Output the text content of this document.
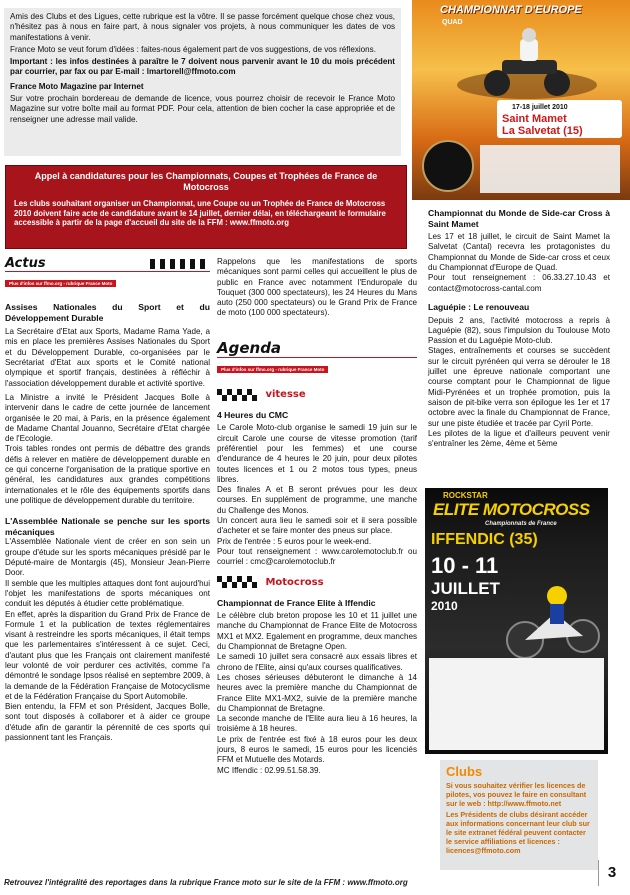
Amis des Clubs et des Ligues, cette rubrique est la vôtre. Il se passe forcément quelque chose chez vous, n'hésitez pas à nous en faire part, à nous signaler vos projets, à nous communiquer les dates de vos manifestations à venir.

France Moto se veut forum d'idées : faites-nous également part de vos suggestions, de vos réflexions.

Important : les infos destinées à paraître le 7 doivent nous parvenir avant le 10 du mois précédent par courrier, par fax ou par E-mail : lmartorell@ffmoto.com

France Moto Magazine par Internet

Sur votre prochain bordereau de demande de licence, vous pourrez choisir de recevoir le France Moto Magazine sur votre boîte mail au format PDF. Pour cela, attention de bien cocher la case appropriée et de renseigner une adresse mail valide.

Appel à candidatures pour les Championnats, Coupes et Trophées de France de Motocross
Les clubs souhaitant organiser un Championnat, une Coupe ou un Trophée de France de Motocross 2010 doivent faire acte de candidature avant le 14 juillet, dernier délai, en téléchargeant le formulaire accessible à partir de la page d'accueil du site de la FFM : www.ffmoto.org
Actus
Plus d'infos sur ffmo.org - rubrique France Moto

Assises Nationales du Sport et du Développement Durable

La Secrétaire d'Etat aux Sports, Madame Rama Yade, a mis en place les premières Assises Nationales du Sport et du Développement Durable, co-organisées par le Secrétariat d'Etat aux sports et le Comité national olympique et sportif français, destinées à réfléchir à l'association développement durable et activité sportive.

La Ministre a invité le Président Jacques Bolle à intervenir dans le cadre de cette journée de lancement organisée le 20 mai, à Paris, en la présence également de Madame Chantal Jouanno, Secrétaire d'Etat chargée de l'Ecologie.

Trois tables rondes ont permis de débattre des grands défis à relever en matière de développement durable en ce qui concerne l'organisation de la pratique sportive en général, les candidatures aux grandes compétitions internationales et le rôle des équipements sportifs dans une politique de développement durable du territoire.

L'Assemblée Nationale se penche sur les sports mécaniques

L'Assemblée Nationale vient de créer en son sein un groupe d'étude sur les sports mécaniques présidé par le Député-maire de Montargis (45), Monsieur Jean-Pierre Door.

Il semble que les multiples attaques dont font aujourd'hui l'objet les manifestations de sports mécaniques ont conduit les députés à étudier cette problématique.

En effet, après la disparition du Grand Prix de France de Formule 1 et la publication de textes réglementaires visant à restreindre les sports mécaniques, il était temps que les parlementaires s'intéressent à ce sujet. Ceci, d'autant plus que les Français ont clairement manifesté leur volonté de voir perdurer ces activités, comme l'a démontré le sondage Ipsos réalisé en septembre 2009, à la demande de la Fédération Française de Motocyclisme et de la Fédération Française du Sport Automobile.

Bien entendu, la FFM et son Président, Jacques Bolle, sont tout disposés à collaborer et à aider ce groupe d'étude afin de garantir la pérennité de ces sports qui passionnent tant les Français.

Rappelons que les manifestations de sports mécaniques sont parmi celles qui accueillent le plus de public en France avec notamment l'Enduropale du Touquet (300 000 spectateurs), les 24 Heures du Mans auto (250 000 spectateurs) ou le Grand Prix de France de moto (100 000 spectateurs).

Agenda
Plus d'infos sur ffmo.org - rubrique France Moto
vitesse

4 Heures du CMC

Le Carole Moto-club organise le samedi 19 juin sur le circuit Carole une course de vitesse promotion (tarif préférentiel pour les femmes) et une course d'endurance de 4 heures le 20 juin, pour deux pilotes toutes licences et 1 ou 2 motos tous types, pneus libres.

Des finales A et B seront prévues pour les deux courses. En supplément de programme, une manche du Challenge des Monos.

Un concert aura lieu le samedi soir et il sera possible d'acheter et se faire monter des pneus sur place.

Prix de l'entrée : 5 euros pour le week-end.

Pour tout renseignement : www.carolemotoclub.fr ou courriel : cmc@carolemotoclub.fr

Motocross

Championnat de France Elite à Iffendic

Le célèbre club breton propose les 10 et 11 juillet une manche du Championnat de France Elite de Motocross MX1 et MX2. Egalement en programme, deux manches du Championnat de Bretagne Open.

Le samedi 10 juillet sera consacré aux essais libres et chrono de l'Elite, ainsi qu'aux courses qualificatives.

Les choses sérieuses débuteront le dimanche à 14 heures avec la première manche du Championnat de France Elite MX1-MX2, suivie de la première manche du Championnat de Bretagne.

La seconde manche de l'Elite aura lieu à 16 heures, la troisième à 18 heures.

Le prix de l'entrée est fixé à 18 euros pour les deux jours, 8 euros le samedi, 15 euros pour les licenciés FFM et Mutuelle des Motards.

MC Iffendic : 02.99.51.58.39.

CHAMPIONNAT D'EUROPE
QUAD
17-18 juillet 2010
Saint Mamet
La Salvetat (15)

Championnat du Monde de Side-car Cross à Saint Mamet

Les 17 et 18 juillet, le circuit de Saint Mamet la Salvetat (Cantal) recevra les protagonistes du Championnat du Monde de Side-car cross et ceux du Championnat d'Europe de Quad.

Pour tout renseignement : 06.33.27.10.43 et contact@motocross-cantal.com

Laguépie : Le renouveau

Depuis 2 ans, l'activité motocross a repris à Laguépie (82), sous l'impulsion du Toulouse Moto Passion et du Laguépie Moto-club.

Stages, entraînements et courses se succèdent sur le circuit pyrénéen qui verra se dérouler le 18 juillet une épreuve nationale comportant une course comptant pour le Championnat de ligue Midi-Pyrénées et un trophée promotion, puis la saison de pit-bike verra son épilogue les 1er et 17 octobre avec la finale du Championnat de France, sur une piste étudiée et tracée par Cyril Porte.

Les pilotes de la ligue et d'ailleurs peuvent venir s'entraîner les 2ème, 4ème et 5ème

ROCKSTAR
ELITE MOTOCROSS
Championnats de France
IFFENDIC (35)
10 - 11
JUILLET
2010
Clubs

Si vous souhaitez vérifier les licences de pilotes, vos pouvez le faire en consultant sur le web : http://www.ffmoto.net

Les Présidents de clubs désirant accéder aux informations concernant leur club sur le site extranet fédéral peuvent contacter le service affiliations et licences : licences@ffmoto.com

3
Retrouvez l'intégralité des reportages dans la rubrique France moto sur le site de la FFM : www.ffmoto.org
